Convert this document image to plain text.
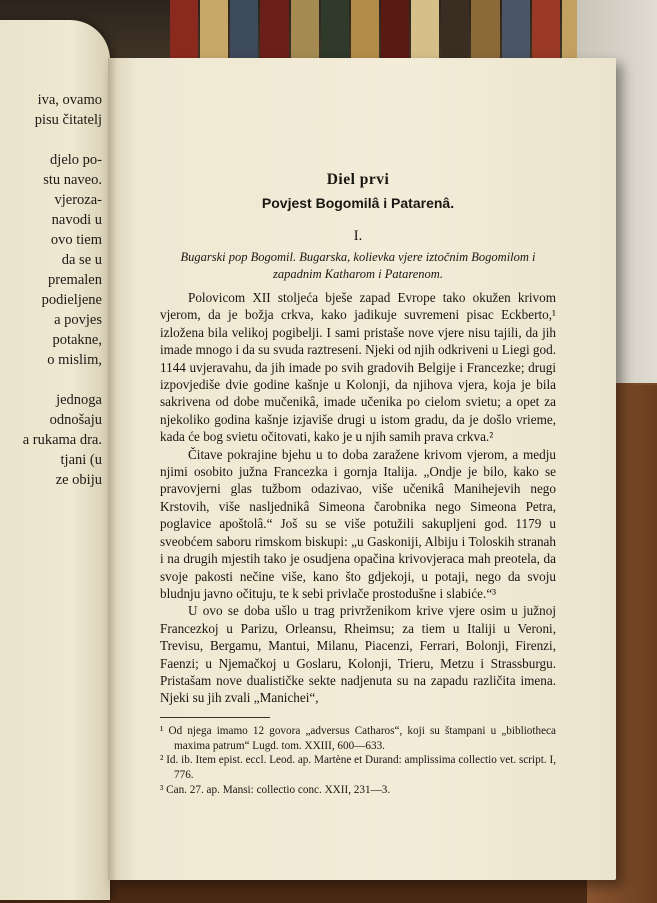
iva, ovamo
pisu čitatelj
djelo po-
stu naveo.
vjeroza-
navodi u
ovo tiem
da se u
premalen
podieljene
a povjes
potakne,
o mislim,
jednoga
odnošaju
a rukama dra.
tjani (u
ze obiju

Diel prvi

Povjest Bogomilâ i Patarenâ.

I.

Bugarski pop Bogomil. Bugarska, kolievka vjere iztočnim Bogomilom i zapadnim Katharom i Patarenom.

Polovicom XII stoljeća bješe zapad Evrope tako okužen krivom vjerom, da je božja crkva, kako jadikuje suvremeni pisac Eckberto,¹ izložena bila velikoj pogibelji. I sami pristaše nove vjere nisu tajili, da jih imade mnogo i da su svuda raztreseni. Njeki od njih odkriveni u Liegi god. 1144 uvjeravahu, da jih imade po svih gradovih Belgije i Francezke; drugi izpovjediše dvie godine kašnje u Kolonji, da njihova vjera, koja je bila sakrivena od dobe mučenikâ, imade učenika po cielom svietu; a opet za njekoliko godina kašnje izjaviše drugi u istom gradu, da je došlo vrieme, kada će bog svietu očitovati, kako je u njih samih prava crkva.²

Čitave pokrajine bjehu u to doba zaražene krivom vjerom, a medju njimi osobito južna Francezka i gornja Italija. „Ondje je bilo, kako se pravovjerni glas tužbom odazivao, više učenikâ Manihejevih nego Krstovih, više nasljednikâ Simeona čarobnika nego Simeona Petra, poglavice apoštolâ.“ Još su se više potužili sakupljeni god. 1179 u sveobćem saboru rimskom biskupi: „u Gaskoniji, Albiju i Toloskih stranah i na drugih mjestih tako je osudjena opačina krivovjeraca mah preotela, da svoje pakosti nečine više, kano što gdjekoji, u potaji, nego da svoju bludnju javno očituju, te k sebi privlače prostodušne i slabiće.“³

U ovo se doba ušlo u trag privrženikom krive vjere osim u južnoj Francezkoj u Parizu, Orleansu, Rheimsu; za tiem u Italiji u Veroni, Trevisu, Bergamu, Mantui, Milanu, Piacenzi, Ferrari, Bolonji, Firenzi, Faenzi; u Njemačkoj u Goslaru, Kolonji, Trieru, Metzu i Strassburgu. Pristašam nove dualističke sekte nadjenuta su na zapadu različita imena. Njeki su jih zvali „Manichei“,

¹ Od njega imamo 12 govora „adversus Catharos“, koji su štampani u „bibliotheca maxima patrum“ Lugd. tom. XXIII, 600—633.

² Id. ib. Item epist. eccl. Leod. ap. Martène et Durand: amplissima collectio vet. script. I, 776.

³ Can. 27. ap. Mansi: collectio conc. XXII, 231—3.
